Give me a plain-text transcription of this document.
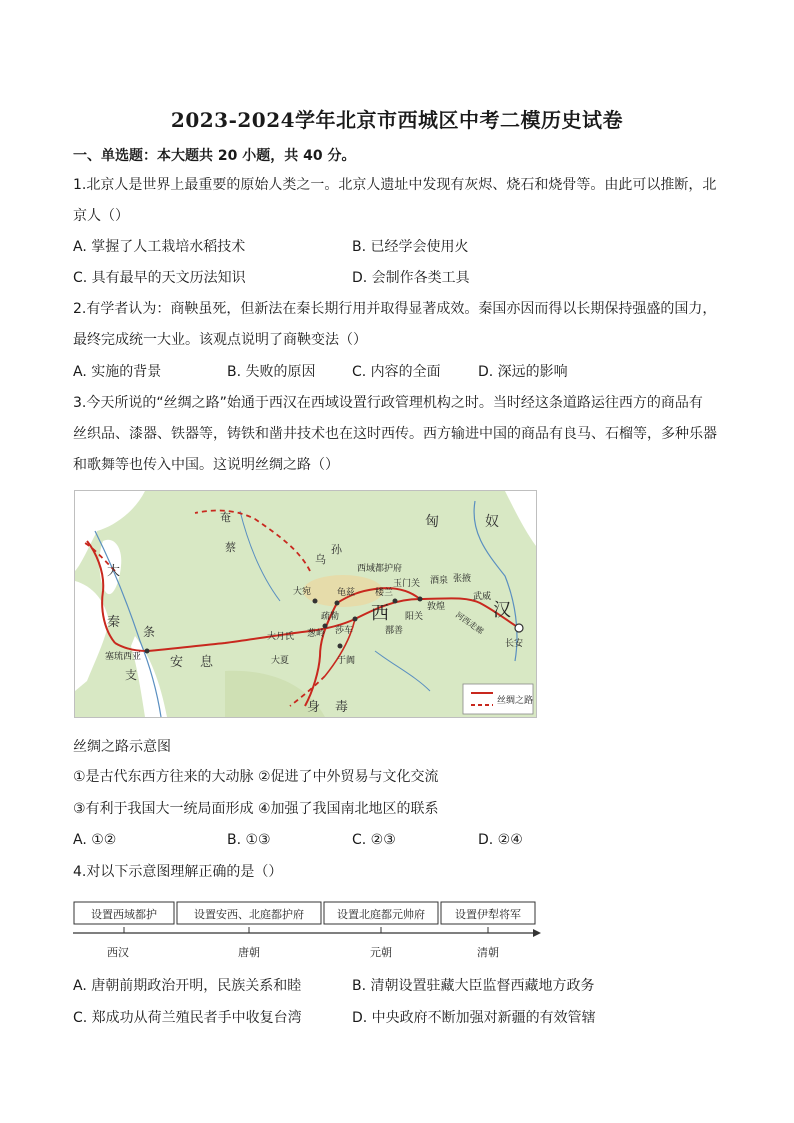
2023-2024学年北京市西城区中考二模历史试卷
一、单选题：本大题共 20 小题，共 40 分。
1.北京人是世界上最重要的原始人类之一。北京人遗址中发现有灰烬、烧石和烧骨等。由此可以推断，北
京人（）
A. 掌握了人工栽培水稻技术	B. 已经学会使用火
C. 具有最早的天文历法知识	D. 会制作各类工具
2.有学者认为：商鞅虽死，但新法在秦长期行用并取得显著成效。秦国亦因而得以长期保持强盛的国力，
最终完成统一大业。该观点说明了商鞅变法（）
A. 实施的背景	B. 失败的原因	C. 内容的全面	D. 深远的影响
3.今天所说的“丝绸之路”始通于西汉在西域设置行政管理机构之时。当时经这条道路运往西方的商品有
丝织品、漆器、铁器等，铸铁和凿井技术也在这时西传。西方输进中国的商品有良马、石榴等，多种乐器
和歌舞等也传入中国。这说明丝绸之路（）
匈	奴
汉
西
大
秦
条
支
安 息
奄
蔡
乌
孙
身 毒
长安
武威
张掖
酒泉
敦煌
玉门关
阳关
楼兰
鄯善
龟兹
西域都护府
疏勒
莎车
于阗
葱岭
大宛
大月氏
大夏
塞琉西亚
河西走廊
丝绸之路
丝绸之路示意图
①是古代东西方往来的大动脉 ②促进了中外贸易与文化交流
③有利于我国大一统局面形成 ④加强了我国南北地区的联系
A. ①②	B. ①③	C. ②③	D. ②④
4.对以下示意图理解正确的是（）
设置西域都护	设置安西、北庭都护府	设置北庭都元帅府	设置伊犁将军
西汉	唐朝	元朝	清朝
A. 唐朝前期政治开明，民族关系和睦	B. 清朝设置驻藏大臣监督西藏地方政务
C. 郑成功从荷兰殖民者手中收复台湾	D. 中央政府不断加强对新疆的有效管辖
